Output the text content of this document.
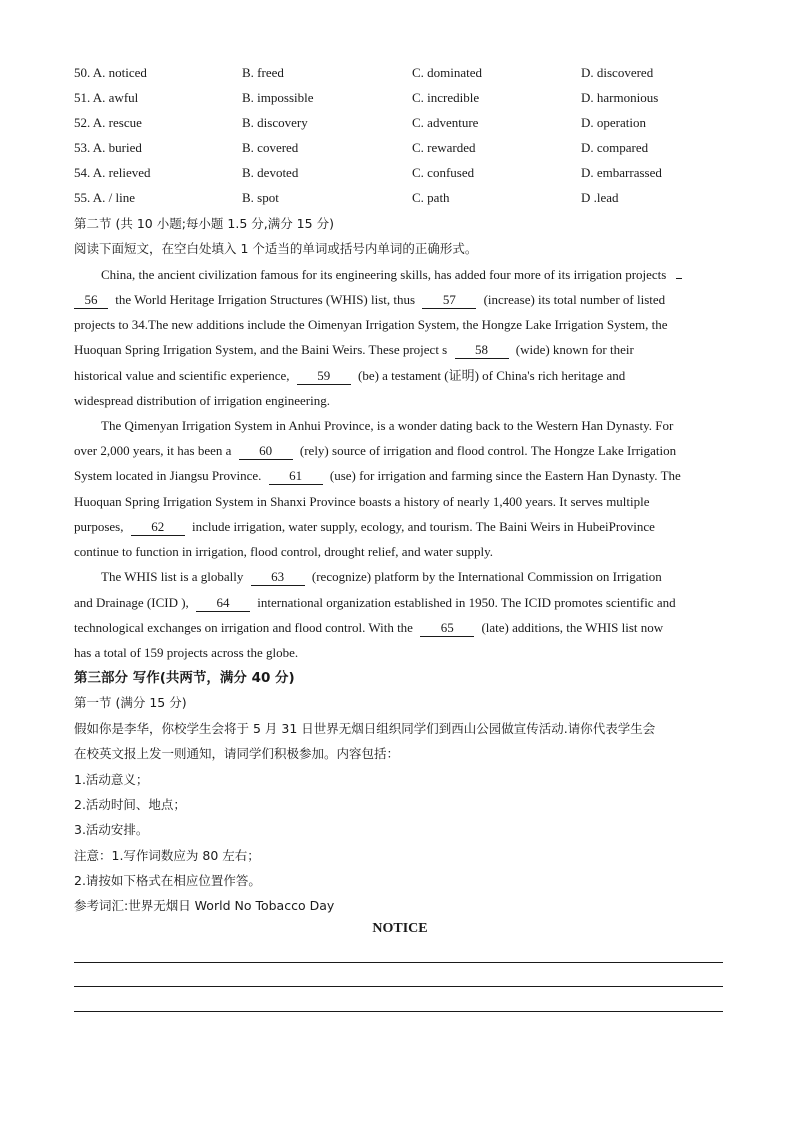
50. A. noticed	B. freed	C. dominated	D. discovered
51. A. awful	B. impossible	C. incredible	D. harmonious
52. A. rescue	B. discovery	C. adventure	D. operation
53. A. buried	B. covered	C. rewarded	D. compared
54. A. relieved	B. devoted	C. confused	D. embarrassed
55. A. / line	B. spot	C. path	D .lead
第二节 (共 10 小题;每小题 1.5 分,满分 15 分)
阅读下面短文，在空白处填入 1 个适当的单词或括号内单词的正确形式。
China, the ancient civilization famous for its engineering skills, has added four more of its irrigation projects
56 the World Heritage Irrigation Structures (WHIS) list, thus 57 (increase) its total number of listed
projects to 34.The new additions include the Oimenyan Irrigation System, the Hongze Lake Irrigation System, the
Huoquan Spring Irrigation System, and the Baini Weirs. These project s 58 (wide) known for their
historical value and scientific experience, 59 (be) a testament (证明) of China's rich heritage and
widespread distribution of irrigation engineering.
The Qimenyan Irrigation System in Anhui Province, is a wonder dating back to the Western Han Dynasty. For
over 2,000 years, it has been a 60 (rely) source of irrigation and flood control. The Hongze Lake Irrigation
System located in Jiangsu Province. 61 (use) for irrigation and farming since the Eastern Han Dynasty. The
Huoquan Spring Irrigation System in Shanxi Province boasts a history of nearly 1,400 years. It serves multiple
purposes, 62 include irrigation, water supply, ecology, and tourism. The Baini Weirs in HubeiProvince
continue to function in irrigation, flood control, drought relief, and water supply.
The WHIS list is a globally 63 (recognize) platform by the International Commission on Irrigation
and Drainage (ICID ), 64 international organization established in 1950. The ICID promotes scientific and
technological exchanges on irrigation and flood control. With the 65 (late) additions, the WHIS list now
has a total of 159 projects across the globe.
第三部分 写作(共两节，满分 40 分)
第一节 (满分 15 分)
假如你是李华，你校学生会将于 5 月 31 日世界无烟日组织同学们到西山公园做宣传活动.请你代表学生会
在校英文报上发一则通知，请同学们积极参加。内容包括：
1.活动意义；
2.活动时间、地点；
3.活动安排。
注意：1.写作词数应为 80 左右；
2.请按如下格式在相应位置作答。
参考词汇:世界无烟日 World No Tobacco Day
NOTICE
